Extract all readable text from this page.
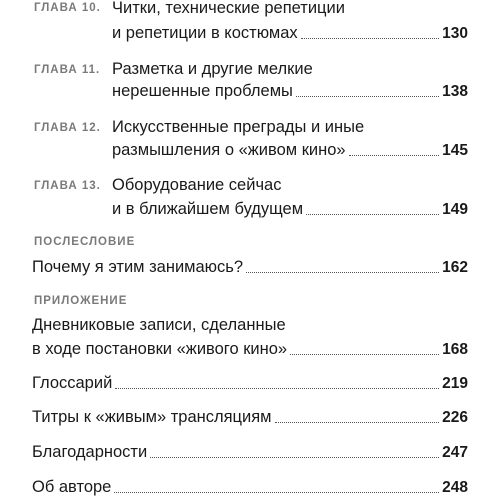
ГЛАВА 10. Читки, технические репетиции
и репетиции в костюмах	130
ГЛАВА 11. Разметка и другие мелкие
нерешенные проблемы	138
ГЛАВА 12. Искусственные преграды и иные
размышления о «живом кино»	145
ГЛАВА 13. Оборудование сейчас
и в ближайшем будущем	149
ПОСЛЕСЛОВИЕ
Почему я этим занимаюсь?	162
ПРИЛОЖЕНИЕ
Дневниковые записи, сделанные
в ходе постановки «живого кино»	168
Глоссарий	219
Титры к «живым» трансляциям	226
Благодарности	247
Об авторе	248
